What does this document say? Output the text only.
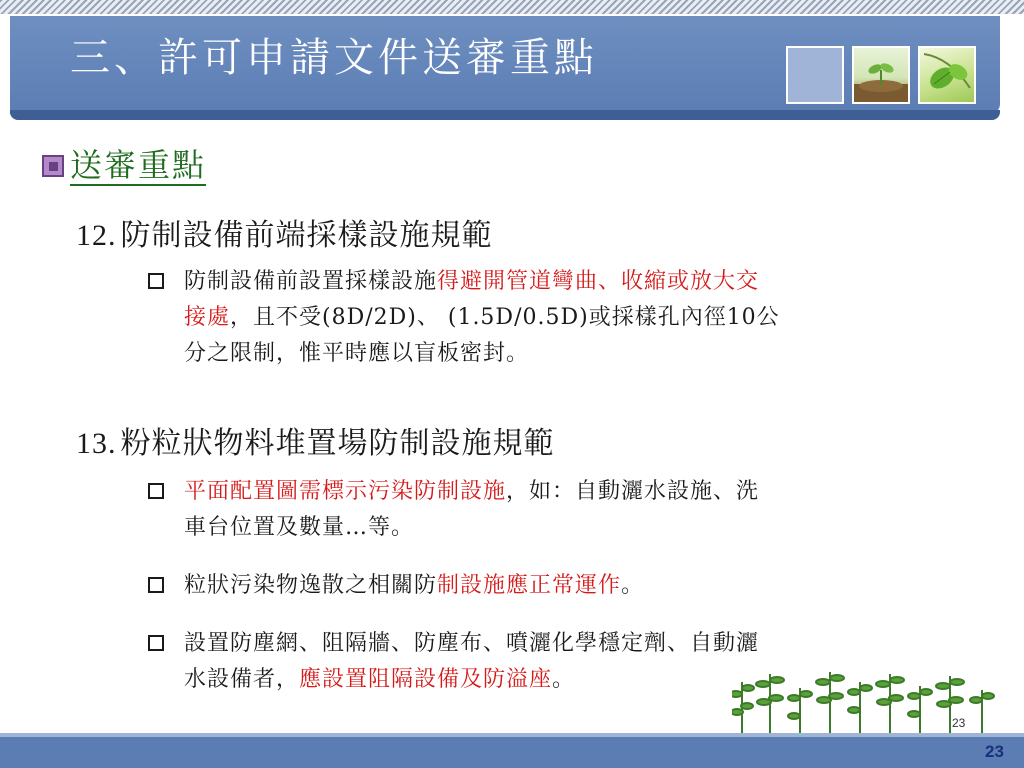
三、許可申請文件送審重點
送審重點
12. 防制設備前端採樣設施規範
防制設備前設置採樣設施得避開管道彎曲、收縮或放大交
接處，且不受(8D/2D)、 (1.5D/0.5D)或採樣孔內徑10公
分之限制，惟平時應以盲板密封。
13. 粉粒狀物料堆置場防制設施規範
平面配置圖需標示污染防制設施，如：自動灑水設施、洗
車台位置及數量…等。
粒狀污染物逸散之相關防制設施應正常運作。
設置防塵網、阻隔牆、防塵布、噴灑化學穩定劑、自動灑
水設備者，應設置阻隔設備及防溢座。
23
23
